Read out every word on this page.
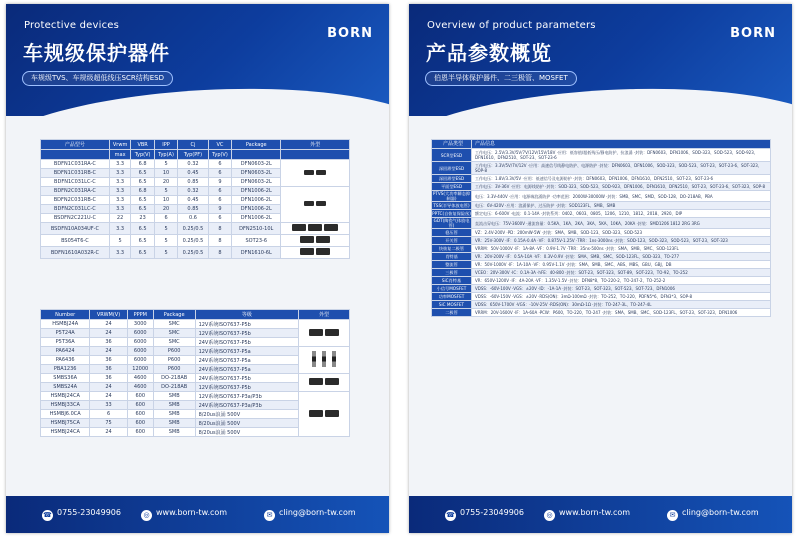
Protective devices
车规级保护器件
车规级TVS、车规级超低线压SCR结构ESD
BORN
产品型号	Vrwm	VBR	IPP	Cj	VC	Package	外型
	max	Typ(V)	Typ(A)	Typ(PF)	Typ(V)		
BDFN1C031RA-C	3.3	6.8	5	0.32	6	DFN0603-2L	
BDFN1C031RB-C	3.3	6.5	10	0.45	6	DFN0603-2L	
BDFN1C031LC-C	3.3	6.5	20	0.85	9	DFN0603-2L	
BDFN2C031RA-C	3.3	6.8	5	0.32	6	DFN1006-2L	
BDFN2C031RB-C	3.3	6.5	10	0.45	6	DFN1006-2L	
BDFN2C031LC-C	3.3	6.5	20	0.85	9	DFN1006-2L	
BSDFN2C221U-C	22	23	6	0.6	6	DFN1006-2L	
BSDFN10A034UF-C	3.3	6.5	5	0.25/0.5	8	DFN2510-10L	
BS054T6-C	5	6.5	5	0.25/0.5	8	SOT23-6	
BDFN1610A032R-C	3.3	6.5	5	0.25/0.5	8	DFN1610-6L	
Number	VRWM(V)	PPPM	Package	等级	外型
HSMBJ24A	24	3000	SMC	12V系统ISO7637-P5b	
P5T24A	24	6000	SMC	12V系统ISO7637-P5b	
P5T36A	36	6000	SMC	24V系统ISO7637-P5b	
PA6424	24	6000	P600	12V系统ISO7637-P5a	
PA6436	36	6000	P600	24V系统ISO7637-P5a	
PBA1236	36	12000	P600	24V系统ISO7637-P5a	
SMBS36A	36	4600	DO-218AB	24V系统ISO7637-P5b	
SMBS24A	24	4600	DO-218AB	12V系统ISO7637-P5b	
HSMBJ24CA	24	600	SMB	12V系统ISO7637-P3a/P3b	
HSMBJ33CA	33	600	SMB	24V系统ISO7637-P3a/P3b	
HSMBJ6.0CA	6	600	SMB	8/20us浪涌 500V	
HSMBJ75CA	75	600	SMB	8/20us浪涌 500V	
HSMBJ24CA	24	600	SMB	8/20us浪涌 500V	
☎ 0755-23049906	◎ www.born-tw.com	✉ cling@born-tw.com
Overview of product parameters
产品参数概览
伯恩半导体保护器件、二三极管、MOSFET
BORN
产品类型	产品信息
SCR型ESD	工作电压：2.5V/3.3V/5V/7V/12V/15V/18V ·应用：低容值/超低残压/静电防护，抗浪涌 ·封装：DFN0603、DFN1006、SOD-323、SOD-523、SOD-923、DFN1610、DFN2510、SOT-23、SOT-23-6
深回滞型ESD	工作电压：3.3V/5V/7V/12V ·应用：高速信号线静电防护、电源防护 ·封装：DFN0603、DFN1006、SOD-323、SOD-523、SOT-23、SOT-23-6、SOT-323、SOP-8
深回滞型ESD	工作电压：1.8V/3.3V/5V ·应用：低速信号及电源防护 ·封装：DFN0603、DFN1006、DFN1610、DFN2510、SOT-23、SOT-23-6
平面型ESD	工作电压：3V-36V ·应用：电源线防护 ·封装：SOD-323、SOD-523、SOD-923、DFN1006、DFN1610、DFN2510、SOT-23、SOT-23-6、SOT-323、SOP-8
PTVS(大功率瞬态抑制器)	电压：3.3V-440V ·应用：电源端浪涌防护 ·功率范围：2000W-30000W ·封装：SMB、SMC、SMD、SOD-128、DO-218AB、PBA
TSS(半导体放电管)	电压：6V-420V ·应用：浪涌保护、过压防护 ·封装：SOD123FL、SMB、SMB
PPTC(自恢复保险丝)	额定电压：6-600V ·电流：0.1-14A ·封装系列：0402、0603、0805、1206、1210、1812、2018、2920、DIP
GDT(陶瓷气体放电管)	直流击穿电压：75V-3600V ·通流容量：0.5KA、1KA、2KA、3KA、5KA、10KA、20KA ·封装：SMD1206 1812 2RG 3RG
稳压管	VZ：2.4V-200V ·PD：200mW-5W ·封装：SMA、SMB、SOD-123、SOD-323、SOD-523
开关管	VR：25V-300V ·IF：0.15A-0.4A ·VF：0.875V-1.25V ·TRR：1ns-3000ns ·封装：SOD-123、SOD-323、SOD-523、SOT-23、SOT-323
快恢复二极管	VRRM：50V-1000V ·IF：1A-8A ·VF：0.9V-1.7V ·TRR：35ns-500ns ·封装：SMA、SMB、SMC、SOD-123FL
肖特基	VR：20V-200V ·IF：0.5A-10A ·VF：0.3V-0.9V ·封装：SMA、SMB、SMC、SOD-123FL、SOD-323、TO-277
整流管	VR：50V-1000V ·IF：1A-10A ·VF：0.95V-1.1V ·封装：SMA、SMB、SMC、ABS、MBS、GBU、GBJ、DB
三极管	VCEO：20V-300V ·IC：0.1A-3A ·hFE：40-800 ·封装：SOT-23、SOT-323、SOT-89、SOT-223、TO-92、TO-252
SiC肖特基	VR：650V-1200V ·IF：4A-20A ·VF：1.35V-1.5V ·封装：DFN8*8、TO-220-2、TO-247-2、TO-252-2
小信号MOSFET	VDSS：-60V-100V ·VGS：±20V ·ID：-1A-1A ·封装：SOT-23、SOT-323、SOT-523、SOT-723、DFN1006
功率MOSFET	VDSS：-60V-150V ·VGS：±20V ·RDS(ON)：3mΩ-100mΩ ·封装：TO-252、TO-220、PDFN5*6、DFN3*3、SOP-8
SiC MOSFET	VDSS：650V-1700V ·VGS：-10V-25V ·RDS(ON)：30mΩ-1Ω ·封装：TO-247-3L、TO-247-4L
二极管	VRRM：20V-1600V ·IF：1A-60A ·PCW：P600、TO-220、TO-247 ·封装：SMA、SMB、SMC、SOD-123FL、SOT-23、SOT-323、DFN1006
☎ 0755-23049906	◎ www.born-tw.com	✉ cling@born-tw.com
